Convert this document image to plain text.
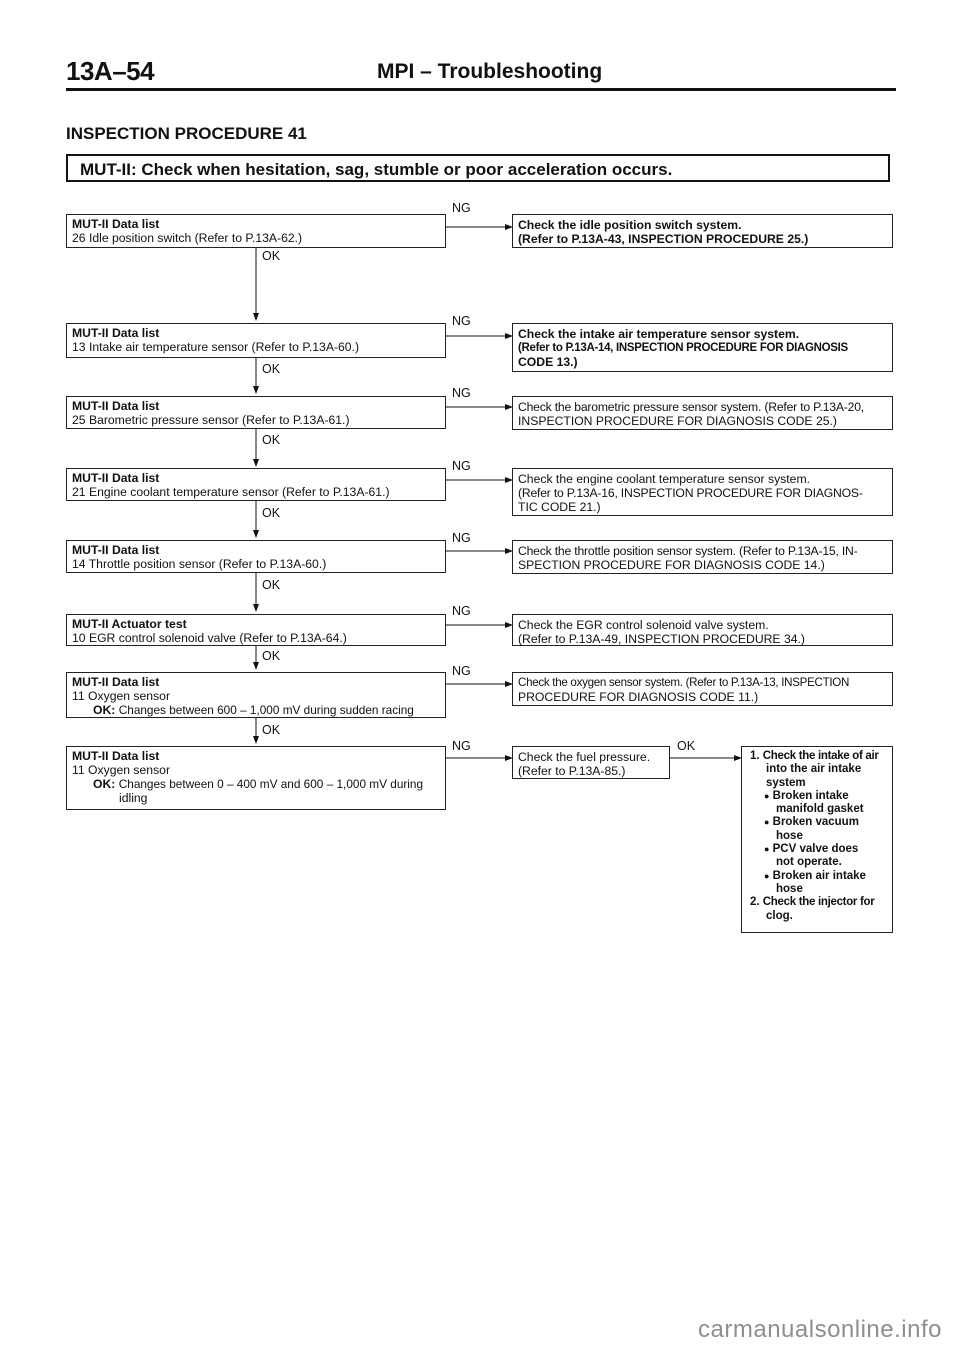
13A–54	MPI – Troubleshooting
INSPECTION PROCEDURE 41
MUT-II: Check when hesitation, sag, stumble or poor acceleration occurs.
MUT-II Data list
26 Idle position switch (Refer to P.13A-62.)
NG
OK
Check the idle position switch system.
(Refer to P.13A-43, INSPECTION PROCEDURE 25.)
MUT-II Data list
13 Intake air temperature sensor (Refer to P.13A-60.)
NG
OK
Check the intake air temperature sensor system.
(Refer to P.13A-14, INSPECTION PROCEDURE FOR DIAGNOSIS
CODE 13.)
MUT-II Data list
25 Barometric pressure sensor (Refer to P.13A-61.)
NG
OK
Check the barometric pressure sensor system. (Refer to P.13A-20,
INSPECTION PROCEDURE FOR DIAGNOSIS CODE 25.)
MUT-II Data list
21 Engine coolant temperature sensor (Refer to P.13A-61.)
NG
OK
Check the engine coolant temperature sensor system.
(Refer to P.13A-16, INSPECTION PROCEDURE FOR DIAGNOS-
TIC CODE 21.)
MUT-II Data list
14 Throttle position sensor (Refer to P.13A-60.)
NG
OK
Check the throttle position sensor system. (Refer to P.13A-15, IN-
SPECTION PROCEDURE FOR DIAGNOSIS CODE 14.)
MUT-II Actuator test
10 EGR control solenoid valve (Refer to P.13A-64.)
NG
OK
Check the EGR control solenoid valve system.
(Refer to P.13A-49, INSPECTION PROCEDURE 34.)
MUT-II Data list
11 Oxygen sensor
OK: Changes between 600 – 1,000 mV during sudden racing
NG
OK
Check the oxygen sensor system. (Refer to P.13A-13, INSPECTION
PROCEDURE FOR DIAGNOSIS CODE 11.)
MUT-II Data list
11 Oxygen sensor
OK: Changes between 0 – 400 mV and 600 – 1,000 mV during
idling
NG
Check the fuel pressure.
(Refer to P.13A-85.)
OK
1. Check the intake of air
into the air intake
system
● Broken intake
manifold gasket
● Broken vacuum
hose
● PCV valve does
not operate.
● Broken air intake
hose
2. Check the injector for
clog.
carmanualsonline.info
